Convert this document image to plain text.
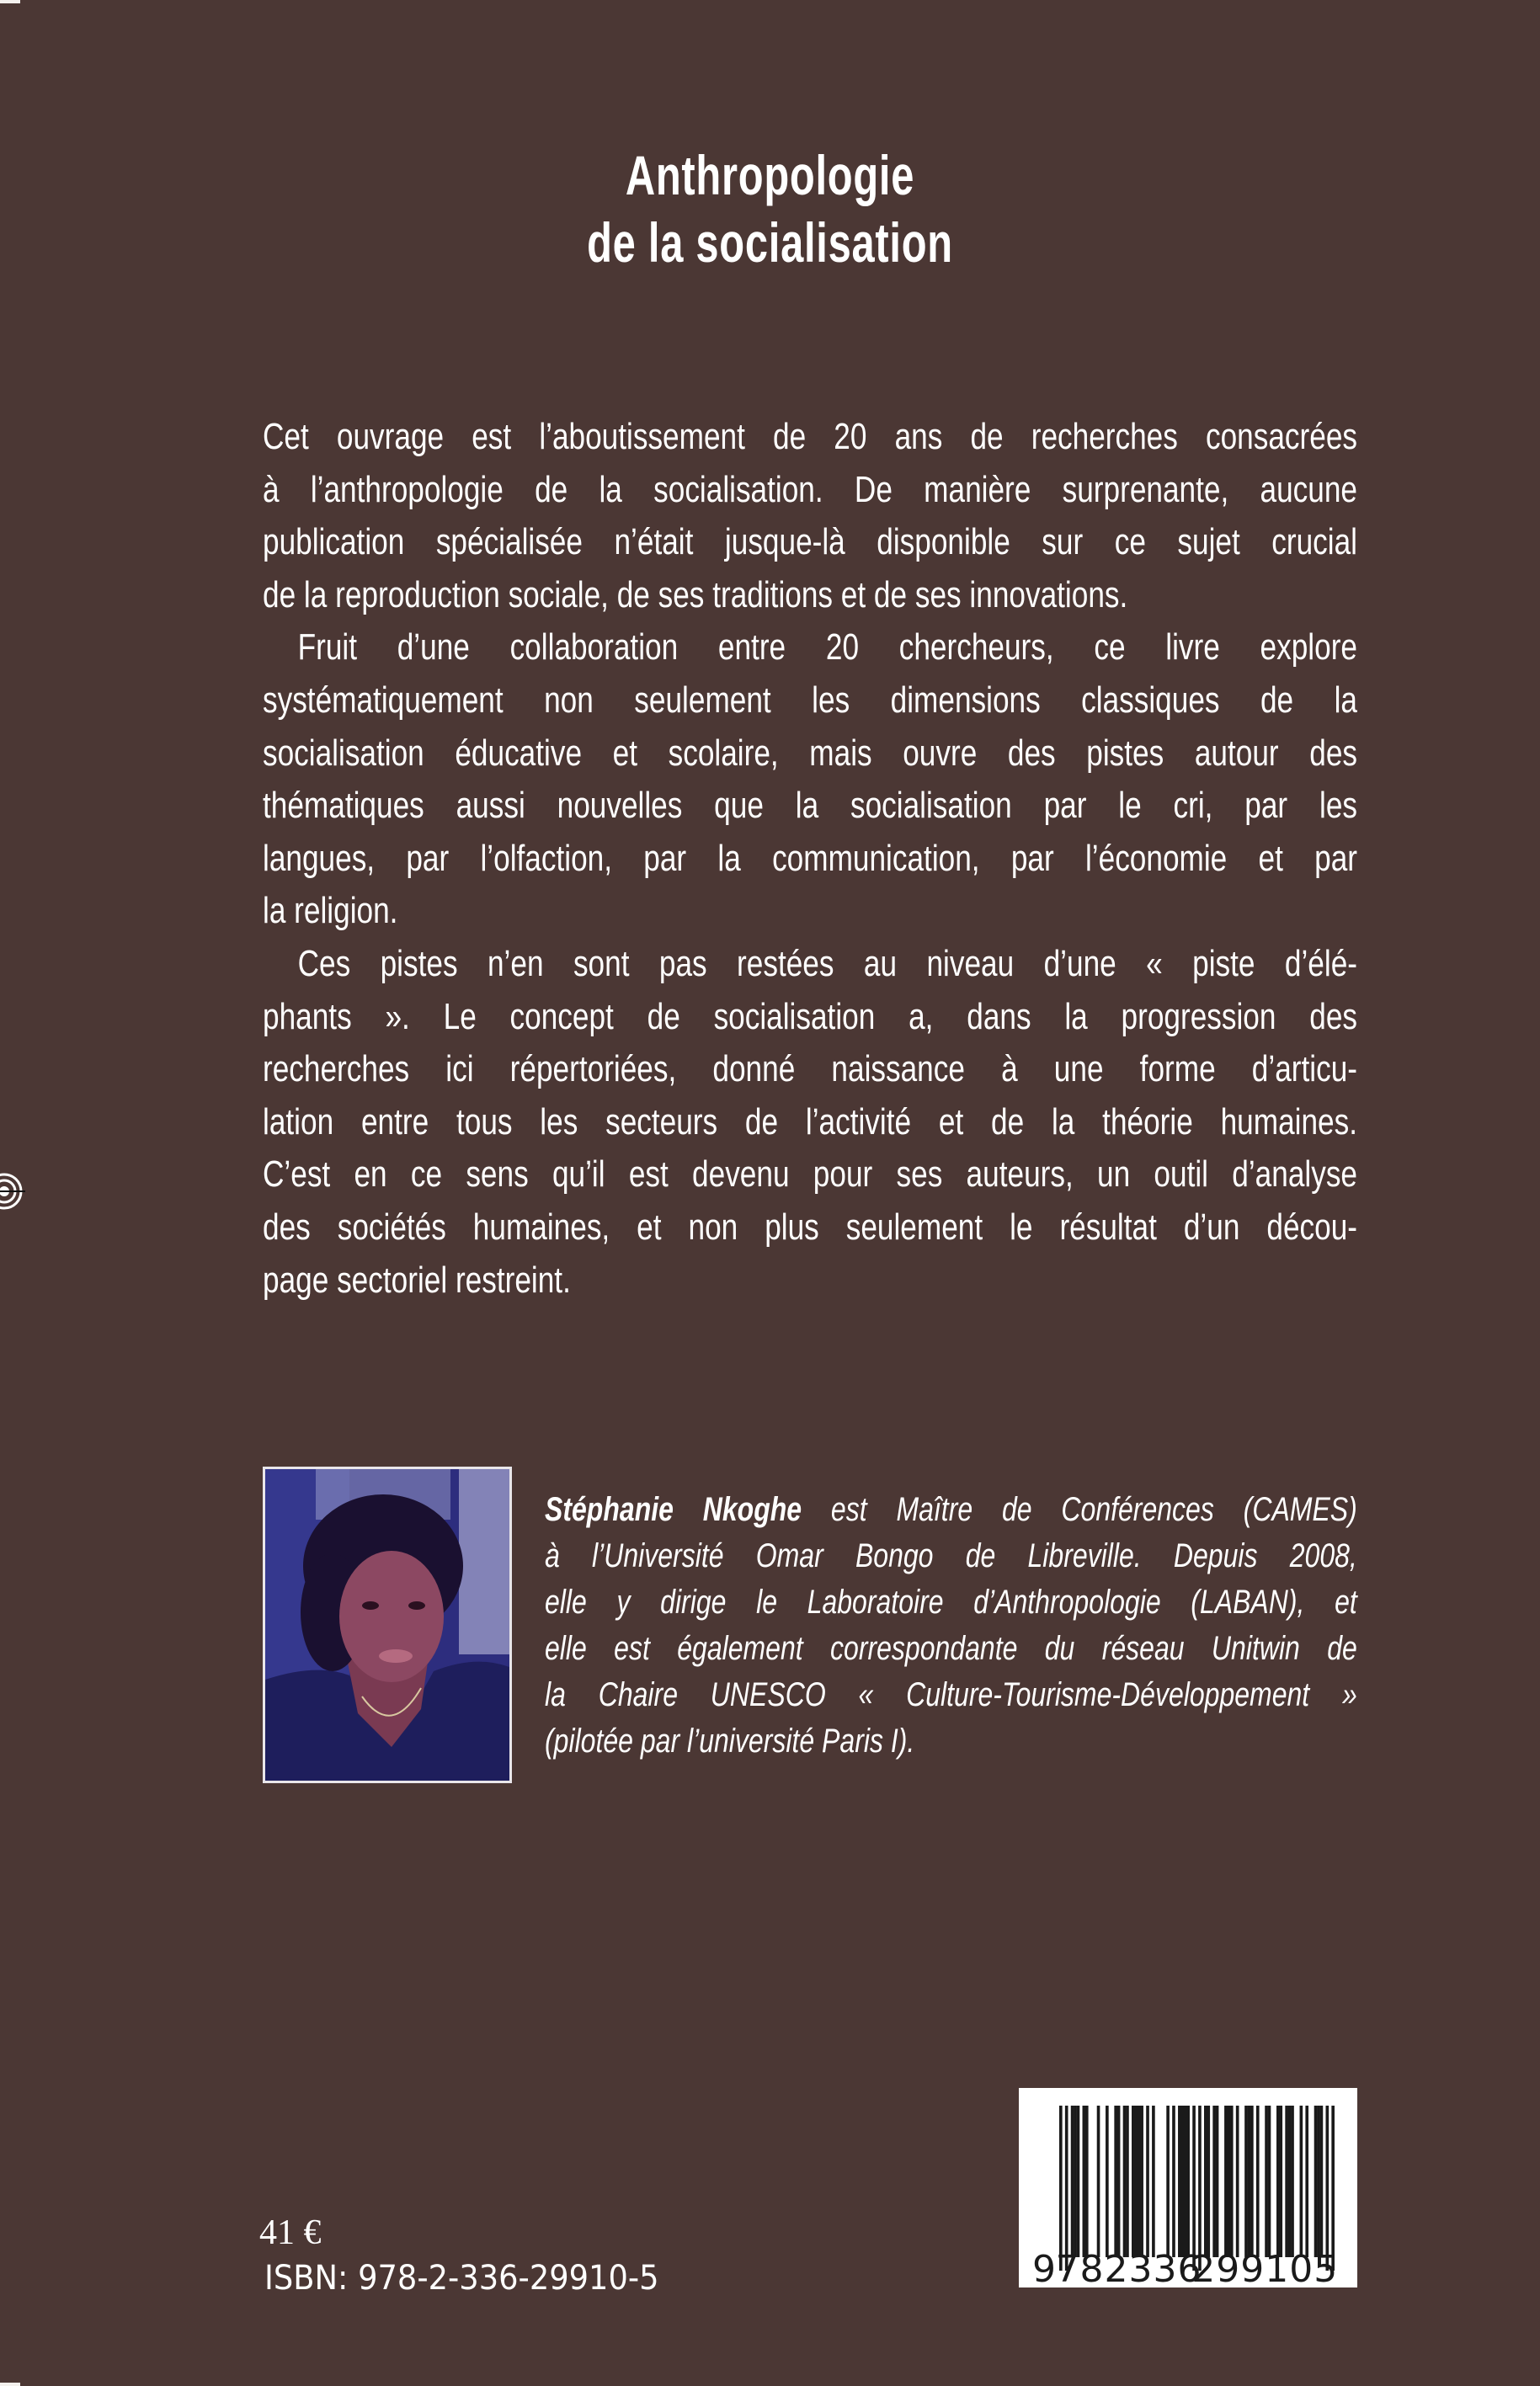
Anthropologie
de la socialisation
Cet ouvrage est l’aboutissement de 20 ans de recherches consacrées
à l’anthropologie de la socialisation. De manière surprenante, aucune
publication spécialisée n’était jusque-là disponible sur ce sujet crucial
de la reproduction sociale, de ses traditions et de ses innovations.
Fruit d’une collaboration entre 20 chercheurs, ce livre explore
systématiquement non seulement les dimensions classiques de la
socialisation éducative et scolaire, mais ouvre des pistes autour des
thématiques aussi nouvelles que la socialisation par le cri, par les
langues, par l’olfaction, par la communication, par l’économie et par
la religion.
Ces pistes n’en sont pas restées au niveau d’une « piste d’élé-
phants ». Le concept de socialisation a, dans la progression des
recherches ici répertoriées, donné naissance à une forme d’articu-
lation entre tous les secteurs de l’activité et de la théorie humaines.
C’est en ce sens qu’il est devenu pour ses auteurs, un outil d’analyse
des sociétés humaines, et non plus seulement le résultat d’un décou-
page sectoriel restreint.
Stéphanie Nkoghe est Maître de Conférences (CAMES)
à l’Université Omar Bongo de Libreville. Depuis 2008,
elle y dirige le Laboratoire d’Anthropologie (LABAN), et
elle est également correspondante du réseau Unitwin de
la Chaire UNESCO « Culture-Tourisme-Développement »
(pilotée par l’université Paris I).
41 €
ISBN: 978-2-336-29910-5	9 782336
299105
